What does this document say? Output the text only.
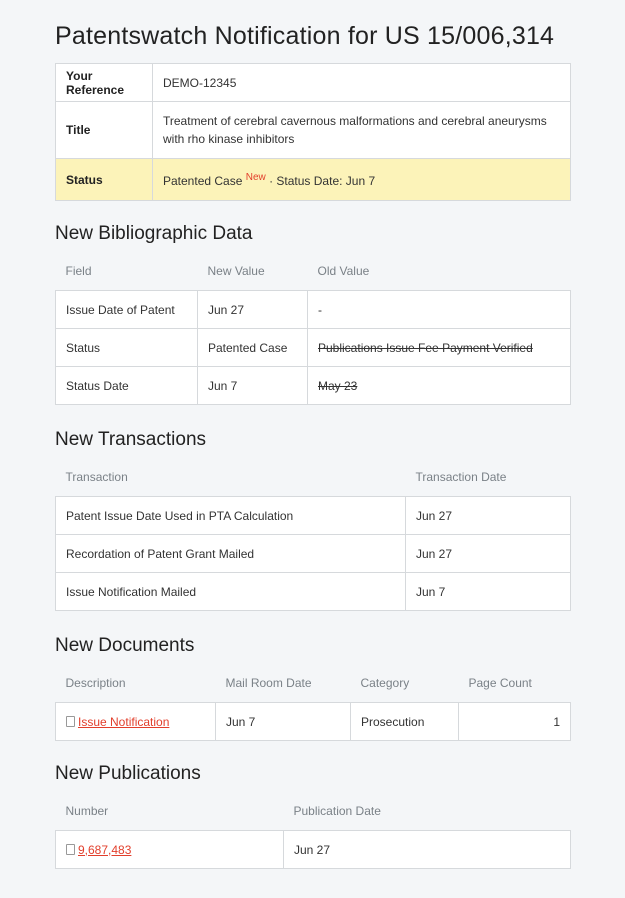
Patentswatch Notification for US 15/006,314
Your Reference	DEMO-12345
Title	Treatment of cerebral cavernous malformations and cerebral aneurysms with rho kinase inhibitors
Status	Patented Case $^{New}$ · Status Date: Jun 7
New Bibliographic Data
Field	New Value	Old Value
Issue Date of Patent	Jun 27	-
Status	Patented Case	Publications Issue Fee Payment Verified
Status Date	Jun 7	May 23
New Transactions
Transaction	Transaction Date
Patent Issue Date Used in PTA Calculation	Jun 27
Recordation of Patent Grant Mailed	Jun 27
Issue Notification Mailed	Jun 7
New Documents
Description	Mail Room Date	Category	Page Count
Issue Notification	Jun 7	Prosecution	1
New Publications
Number	Publication Date
9,687,483	Jun 27
